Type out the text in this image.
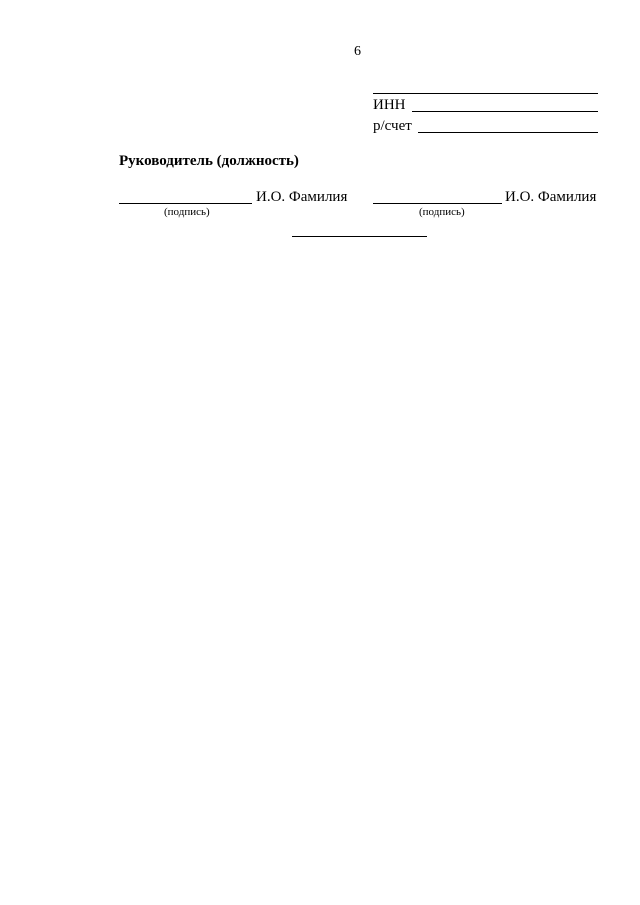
6
ИНН
р/счет
Руководитель (должность)
И.О. Фамилия
(подпись)
И.О. Фамилия
(подпись)
